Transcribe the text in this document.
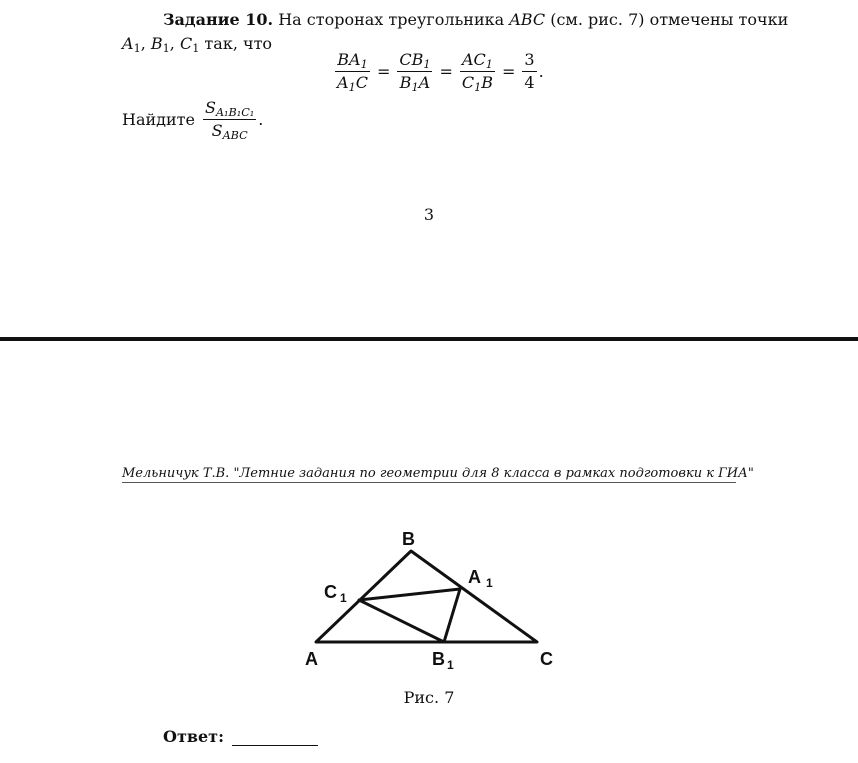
Задание 10. На сторонах треугольника ABC (см. рис. 7) отмечены точки
$A_1$, $B_1$, $C_1$ так, что
$\frac{BA_1}{A_1C} = \frac{CB_1}{B_1A} = \frac{AC_1}{C_1B} = \frac{3}{4}$ .
Найдите $\frac{S_{A_1B_1C_1}}{S_{ABC}}$ .
3
Мельничук Т.В. "Летние задания по геометрии для 8 класса в рамках подготовки к ГИА"
B
A 1
C 1
A	B 1	C
Рис. 7
Ответ:
